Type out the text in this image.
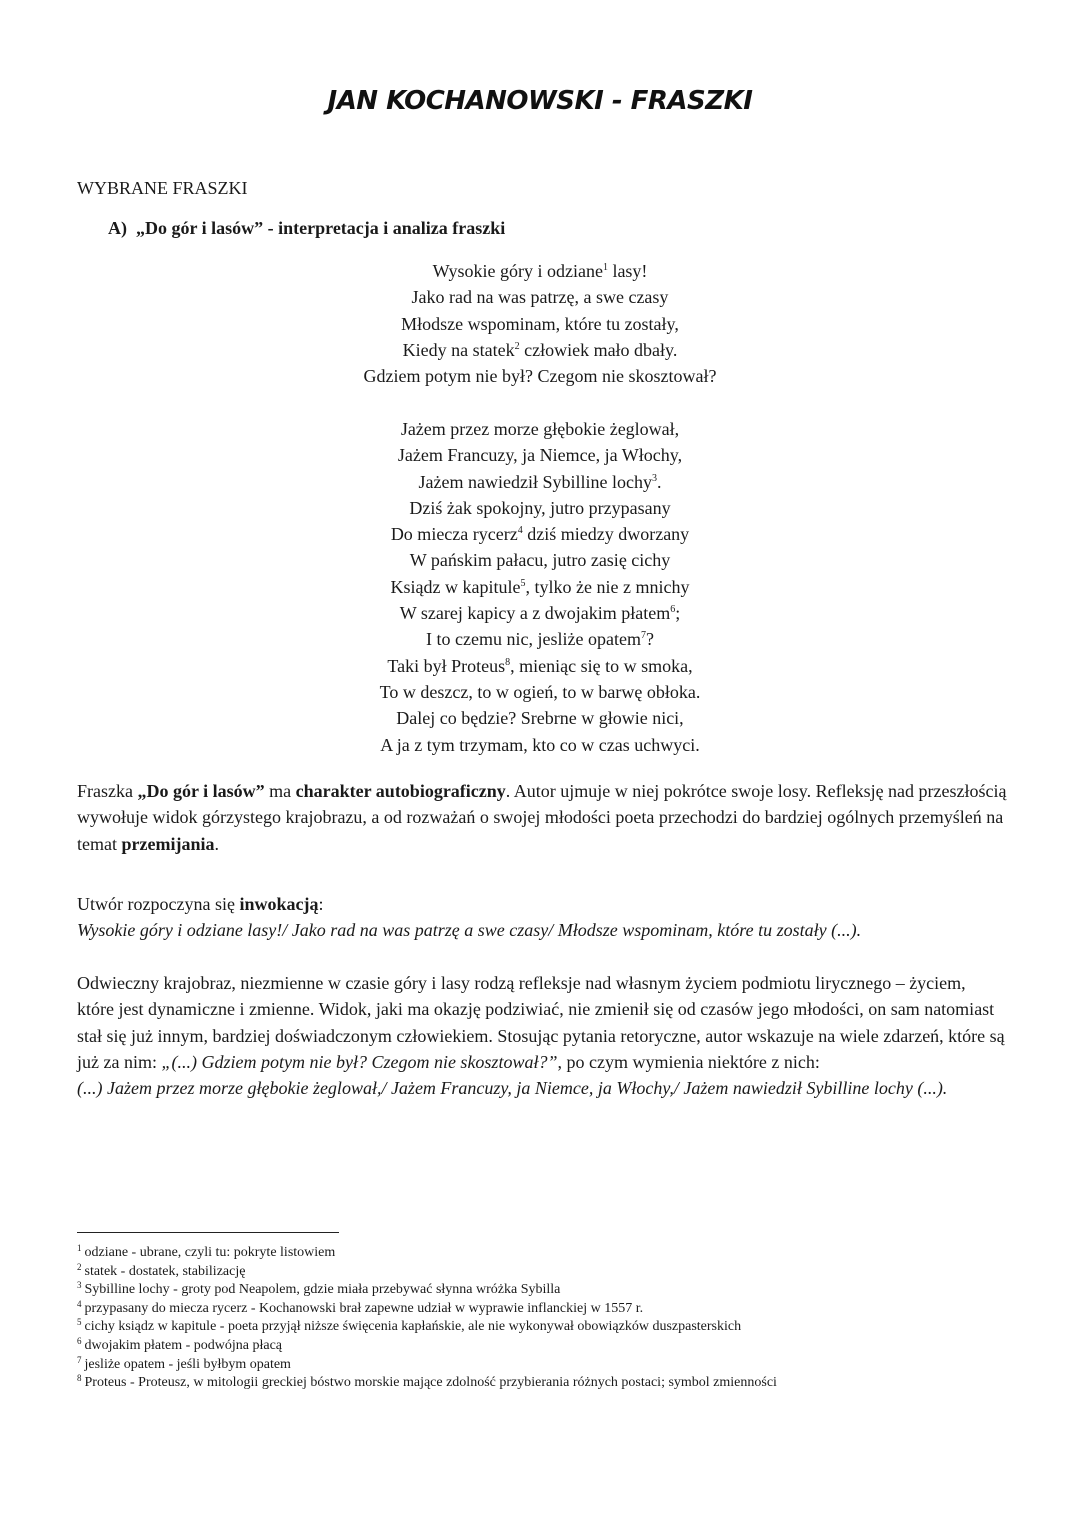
JAN KOCHANOWSKI - FRASZKI
WYBRANE FRASZKI
A)  „Do gór i lasów” - interpretacja i analiza fraszki
Wysokie góry i odziane$^1$ lasy!
Jako rad na was patrzę, a swe czasy
Młodsze wspominam, które tu zostały,
Kiedy na statek$^2$ człowiek mało dbały.
Gdziem potym nie był? Czegom nie skosztował?
Jażem przez morze głębokie żeglował,
Jażem Francuzy, ja Niemce, ja Włochy,
Jażem nawiedził Sybilline lochy$^3$.
Dziś żak spokojny, jutro przypasany
Do miecza rycerz$^4$ dziś miedzy dworzany
W pańskim pałacu, jutro zasię cichy
Ksiądz w kapitule$^5$, tylko że nie z mnichy
W szarej kapicy a z dwojakim płatem$^6$;
I to czemu nic, jesliże opatem$^7$?
Taki był Proteus$^8$, mieniąc się to w smoka,
To w deszcz, to w ogień, to w barwę obłoka.
Dalej co będzie? Srebrne w głowie nici,
A ja z tym trzymam, kto co w czas uchwyci.
Fraszka „Do gór i lasów” ma charakter autobiograficzny. Autor ujmuje w niej pokrótce swoje losy. Refleksję nad przeszłością wywołuje widok górzystego krajobrazu, a od rozważań o swojej młodości poeta przechodzi do bardziej ogólnych przemyśleń na temat przemijania.
Utwór rozpoczyna się inwokacją:
Wysokie góry i odziane lasy!/ Jako rad na was patrzę a swe czasy/ Młodsze wspominam, które tu zostały (...).
Odwieczny krajobraz, niezmienne w czasie góry i lasy rodzą refleksje nad własnym życiem podmiotu lirycznego – życiem, które jest dynamiczne i zmienne. Widok, jaki ma okazję podziwiać, nie zmienił się od czasów jego młodości, on sam natomiast stał się już innym, bardziej doświadczonym człowiekiem. Stosując pytania retoryczne, autor wskazuje na wiele zdarzeń, które są już za nim: „(...) Gdziem potym nie był? Czegom nie skosztował?”, po czym wymienia niektóre z nich:
(...) Jażem przez morze głębokie żeglował,/ Jażem Francuzy, ja Niemce, ja Włochy,/ Jażem nawiedził Sybilline lochy (...).
$^1$ odziane - ubrane, czyli tu: pokryte listowiem
$^2$ statek - dostatek, stabilizację
$^3$ Sybilline lochy - groty pod Neapolem, gdzie miała przebywać słynna wróżka Sybilla
$^4$ przypasany do miecza rycerz - Kochanowski brał zapewne udział w wyprawie inflanckiej w 1557 r.
$^5$ cichy ksiądz w kapitule - poeta przyjął niższe święcenia kapłańskie, ale nie wykonywał obowiązków duszpasterskich
$^6$ dwojakim płatem - podwójna płacą
$^7$ jesliże opatem - jeśli byłbym opatem
$^8$ Proteus - Proteusz, w mitologii greckiej bóstwo morskie mające zdolność przybierania różnych postaci; symbol zmienności
